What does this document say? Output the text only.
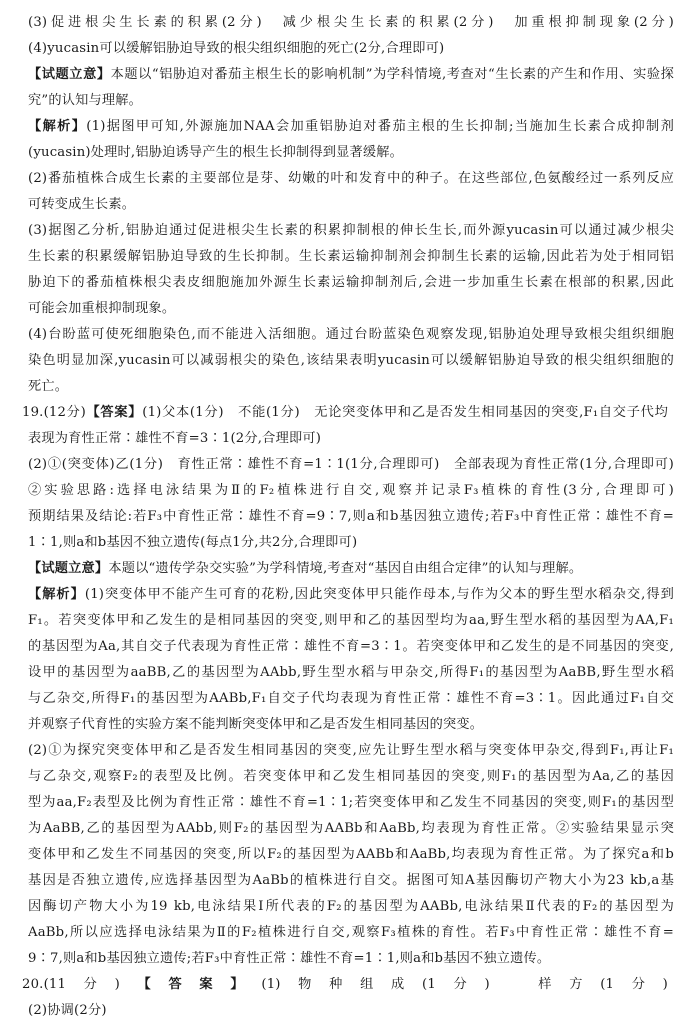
(3)促进根尖生长素的积累(2分)　减少根尖生长素的积累(2分)　加重根抑制现象(2分)
(4)yucasin可以缓解铝胁迫导致的根尖组织细胞的死亡(2分,合理即可)
【试题立意】本题以“铝胁迫对番茄主根生长的影响机制”为学科情境,考查对“生长素的产生和作用、实验探
究”的认知与理解。
【解析】(1)据图甲可知,外源施加NAA会加重铝胁迫对番茄主根的生长抑制;当施加生长素合成抑制剂
(yucasin)处理时,铝胁迫诱导产生的根生长抑制得到显著缓解。
(2)番茄植株合成生长素的主要部位是芽、幼嫩的叶和发育中的种子。在这些部位,色氨酸经过一系列反应
可转变成生长素。
(3)据图乙分析,铝胁迫通过促进根尖生长素的积累抑制根的伸长生长,而外源yucasin可以通过减少根尖
生长素的积累缓解铝胁迫导致的生长抑制。生长素运输抑制剂会抑制生长素的运输,因此若为处于相同铝
胁迫下的番茄植株根尖表皮细胞施加外源生长素运输抑制剂后,会进一步加重生长素在根部的积累,因此
可能会加重根抑制现象。
(4)台盼蓝可使死细胞染色,而不能进入活细胞。通过台盼蓝染色观察发现,铝胁迫处理导致根尖组织细胞
染色明显加深,yucasin可以减弱根尖的染色,该结果表明yucasin可以缓解铝胁迫导致的根尖组织细胞的
死亡。
19.(12分)【答案】(1)父本(1分)　不能(1分)　无论突变体甲和乙是否发生相同基因的突变,F₁自交子代均
表现为育性正常∶雄性不育=3∶1(2分,合理即可)
(2)①(突变体)乙(1分)　育性正常∶雄性不育=1∶1(1分,合理即可)　全部表现为育性正常(1分,合理即可)
②实验思路:选择电泳结果为Ⅱ的F₂植株进行自交,观察并记录F₃植株的育性(3分,合理即可)
预期结果及结论:若F₃中育性正常∶雄性不育=9∶7,则a和b基因独立遗传;若F₃中育性正常∶雄性不育=
1∶1,则a和b基因不独立遗传(每点1分,共2分,合理即可)
【试题立意】本题以“遗传学杂交实验”为学科情境,考查对“基因自由组合定律”的认知与理解。
【解析】(1)突变体甲不能产生可育的花粉,因此突变体甲只能作母本,与作为父本的野生型水稻杂交,得到
F₁。若突变体甲和乙发生的是相同基因的突变,则甲和乙的基因型均为aa,野生型水稻的基因型为AA,F₁
的基因型为Aa,其自交子代表现为育性正常∶雄性不育=3∶1。若突变体甲和乙发生的是不同基因的突变,
设甲的基因型为aaBB,乙的基因型为AAbb,野生型水稻与甲杂交,所得F₁的基因型为AaBB,野生型水稻
与乙杂交,所得F₁的基因型为AABb,F₁自交子代均表现为育性正常∶雄性不育=3∶1。因此通过F₁自交
并观察子代育性的实验方案不能判断突变体甲和乙是否发生相同基因的突变。
(2)①为探究突变体甲和乙是否发生相同基因的突变,应先让野生型水稻与突变体甲杂交,得到F₁,再让F₁
与乙杂交,观察F₂的表型及比例。若突变体甲和乙发生相同基因的突变,则F₁的基因型为Aa,乙的基因
型为aa,F₂表型及比例为育性正常∶雄性不育=1∶1;若突变体甲和乙发生不同基因的突变,则F₁的基因型
为AaBB,乙的基因型为AAbb,则F₂的基因型为AABb和AaBb,均表现为育性正常。②实验结果显示突
变体甲和乙发生不同基因的突变,所以F₂的基因型为AABb和AaBb,均表现为育性正常。为了探究a和b
基因是否独立遗传,应选择基因型为AaBb的植株进行自交。据图可知A基因酶切产物大小为23 kb,a基
因酶切产物大小为19 kb,电泳结果Ⅰ所代表的F₂的基因型为AABb,电泳结果Ⅱ代表的F₂的基因型为
AaBb,所以应选择电泳结果为Ⅱ的F₂植株进行自交,观察F₃植株的育性。若F₃中育性正常∶雄性不育=
9∶7,则a和b基因独立遗传;若F₃中育性正常∶雄性不育=1∶1,则a和b基因不独立遗传。
20.(11分)【答案】(1)物种组成(1分)　样方(1分)
(2)协调(2分)
